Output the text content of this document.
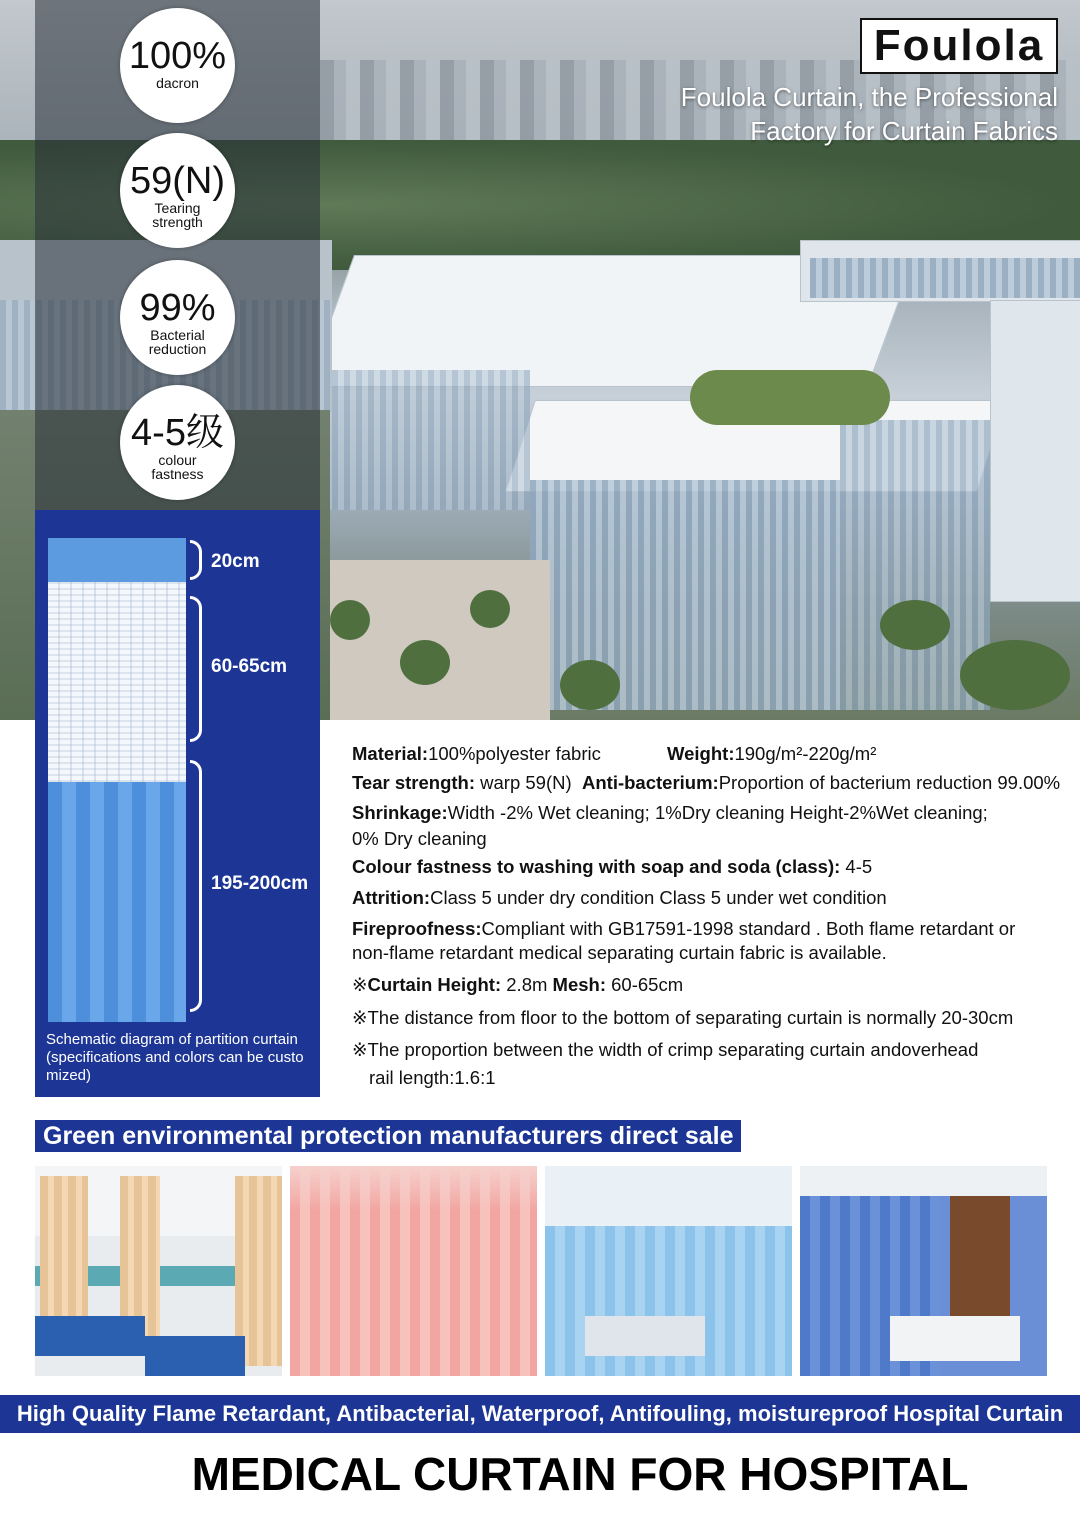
100%
dacron
59(N)
Tearing
strength
99%
Bacterial
reduction
4-5级
colour
fastness
Foulola
Foulola Curtain, the Professional
Factory for Curtain Fabrics
20cm
60-65cm
195-200cm
Schematic diagram of partition curtain (specifications and colors can be custo mized)
Material:100%polyester fabric	Weight:190g/m²-220g/m²
Tear strength: warp 59(N) Anti-bacterium:Proportion of bacterium reduction 99.00%
Shrinkage:Width -2% Wet cleaning; 1%Dry cleaning Height-2%Wet cleaning;
0% Dry cleaning
Colour fastness to washing with soap and soda (class): 4-5
Attrition:Class 5 under dry condition Class 5 under wet condition
Fireproofness:Compliant with GB17591-1998 standard . Both flame retardant or
non-flame retardant medical separating curtain fabric is available.
※Curtain Height: 2.8m Mesh: 60-65cm
※The distance from floor to the bottom of separating curtain is normally 20-30cm
※The proportion between the width of crimp separating curtain andoverhead
rail length:1.6:1
Green environmental protection manufacturers direct sale
High Quality Flame Retardant, Antibacterial, Waterproof, Antifouling, moistureproof Hospital Curtain
MEDICAL CURTAIN FOR HOSPITAL
